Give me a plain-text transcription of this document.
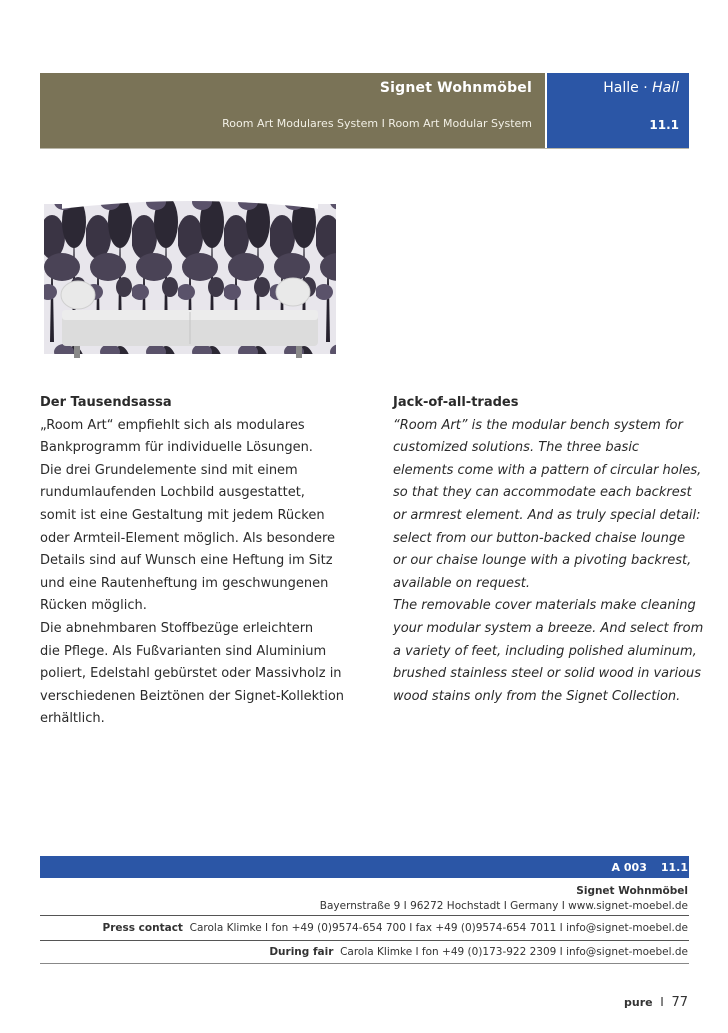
Signet Wohnmöbel
Room Art Modulares System I Room Art Modular System
Halle · Hall
11.1
Der Tausendsassa
„Room Art“ empfiehlt sich als modulares
Bankprogramm für individuelle Lösungen.
Die drei Grundelemente sind mit einem
rundumlaufenden Lochbild ausgestattet,
somit ist eine Gestaltung mit jedem Rücken
oder Armteil-Element möglich. Als besondere
Details sind auf Wunsch eine Heftung im Sitz
und eine Rautenheftung im geschwungenen
Rücken möglich.
Die abnehmbaren Stoffbezüge erleichtern
die Pflege. Als Fußvarianten sind Aluminium
poliert, Edelstahl gebürstet oder Massivholz in
verschiedenen Beiztönen der Signet-Kollektion
erhältlich.
Jack-of-all-trades
“Room Art” is the modular bench system for
customized solutions. The three basic
elements come with a pattern of circular holes,
so that they can accommodate each backrest
or armrest element. And as truly special detail:
select from our button-backed chaise lounge
or our chaise lounge with a pivoting backrest,
available on request.
The removable cover materials make cleaning
your modular system a breeze. And select from
a variety of feet, including polished aluminum,
brushed stainless steel or solid wood in various
wood stains only from the Signet Collection.
A 003 11.1
Signet Wohnmöbel
Bayernstraße 9 I 96272 Hochstadt I Germany I www.signet-moebel.de
Press contact Carola Klimke I fon +49 (0)9574-654 700 I fax +49 (0)9574-654 7011 I info@signet-moebel.de
During fair Carola Klimke I fon +49 (0)173-922 2309 I info@signet-moebel.de
pure I 77
